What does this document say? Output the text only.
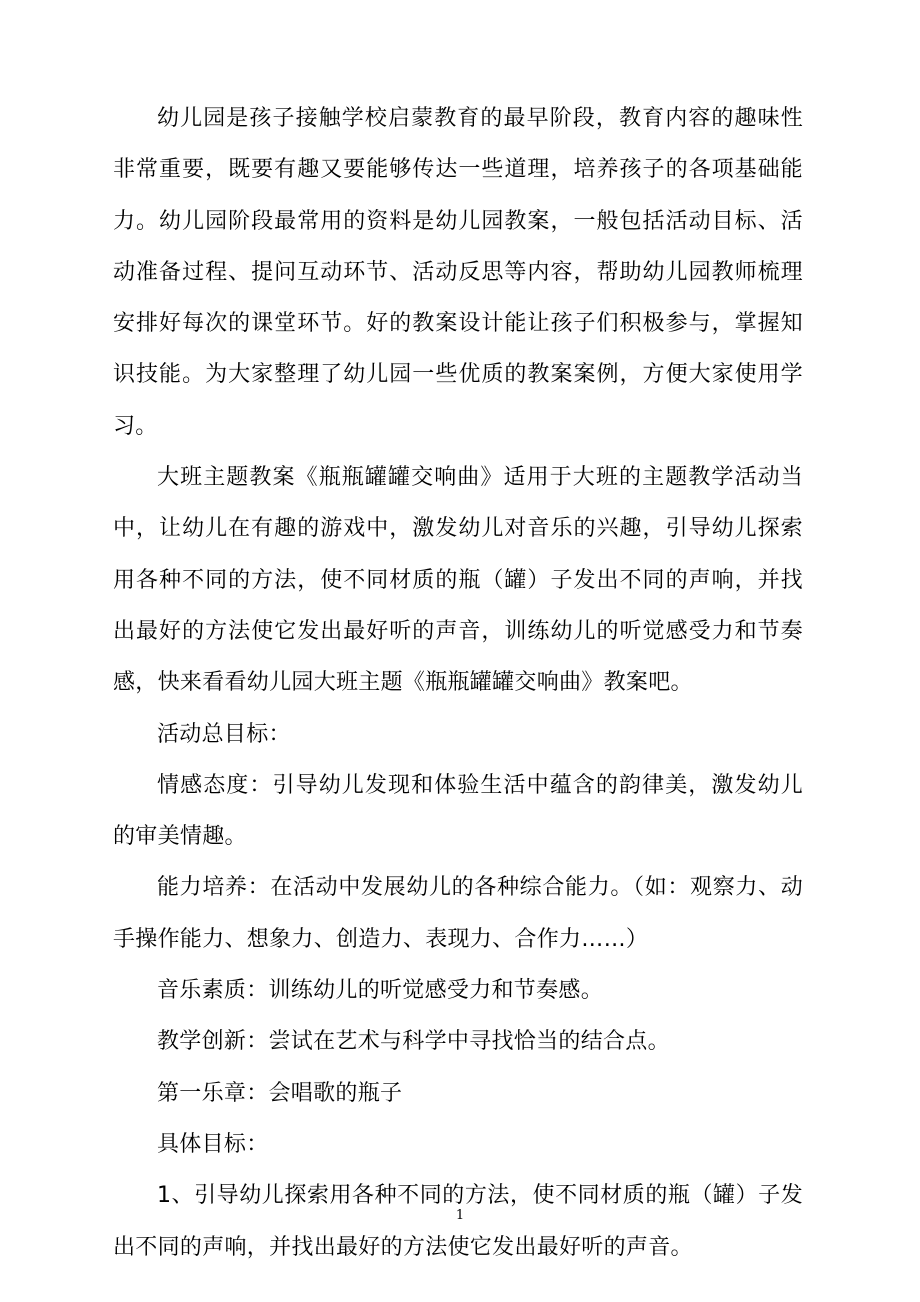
幼儿园是孩子接触学校启蒙教育的最早阶段，教育内容的趣味性非常重要，既要有趣又要能够传达一些道理，培养孩子的各项基础能力。幼儿园阶段最常用的资料是幼儿园教案，一般包括活动目标、活动准备过程、提问互动环节、活动反思等内容，帮助幼儿园教师梳理安排好每次的课堂环节。好的教案设计能让孩子们积极参与，掌握知识技能。为大家整理了幼儿园一些优质的教案案例，方便大家使用学习。

大班主题教案《瓶瓶罐罐交响曲》适用于大班的主题教学活动当中，让幼儿在有趣的游戏中，激发幼儿对音乐的兴趣，引导幼儿探索用各种不同的方法，使不同材质的瓶（罐）子发出不同的声响，并找出最好的方法使它发出最好听的声音，训练幼儿的听觉感受力和节奏感，快来看看幼儿园大班主题《瓶瓶罐罐交响曲》教案吧。

活动总目标：

情感态度：引导幼儿发现和体验生活中蕴含的韵律美，激发幼儿的审美情趣。

能力培养：在活动中发展幼儿的各种综合能力。（如：观察力、动手操作能力、想象力、创造力、表现力、合作力……）

音乐素质：训练幼儿的听觉感受力和节奏感。

教学创新：尝试在艺术与科学中寻找恰当的结合点。

第一乐章：会唱歌的瓶子

具体目标：

1、引导幼儿探索用各种不同的方法，使不同材质的瓶（罐）子发出不同的声响，并找出最好的方法使它发出最好听的声音。

1
